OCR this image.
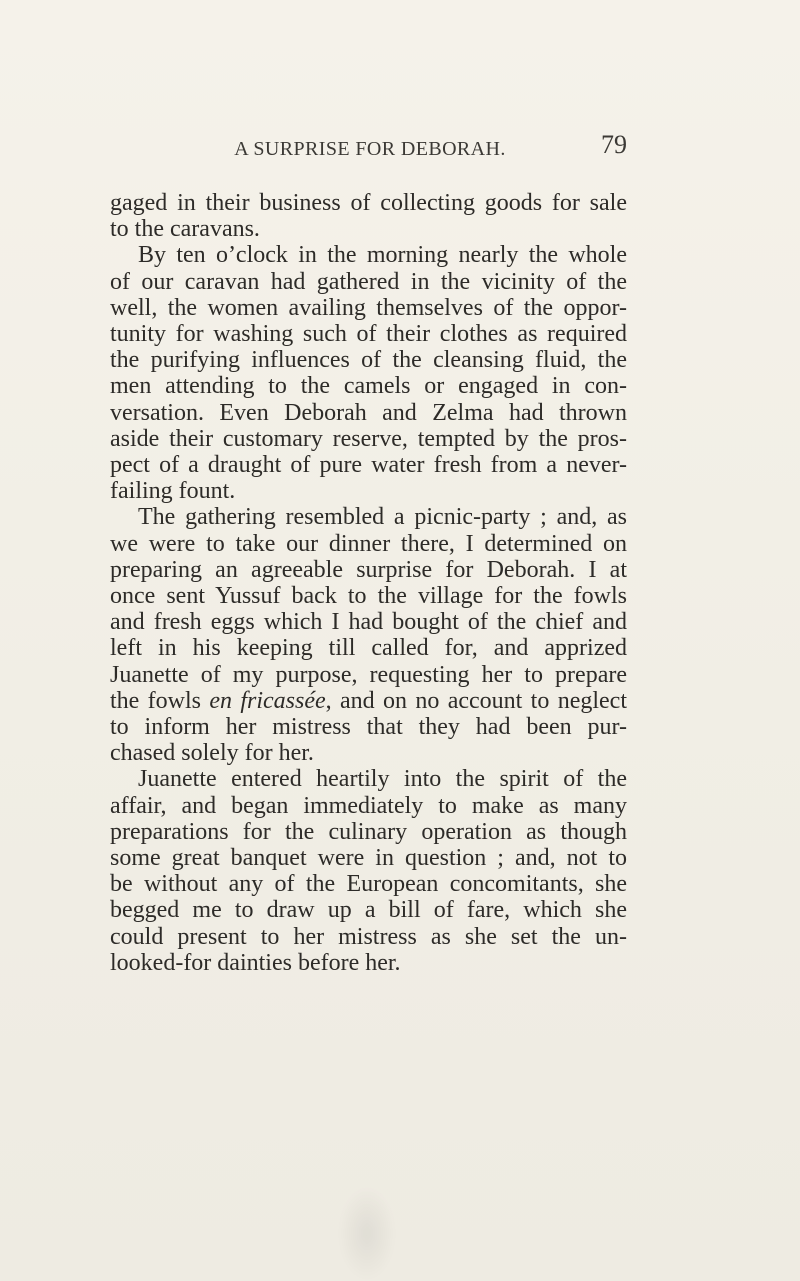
A SURPRISE FOR DEBORAH.	79
gaged in their business of collecting goods for sale
to the caravans.
By ten o’clock in the morning nearly the whole
of our caravan had gathered in the vicinity of the
well, the women availing themselves of the oppor-
tunity for washing such of their clothes as required
the purifying influences of the cleansing fluid, the
men attending to the camels or engaged in con-
versation. Even Deborah and Zelma had thrown
aside their customary reserve, tempted by the pros-
pect of a draught of pure water fresh from a never-
failing fount.
The gathering resembled a picnic-party ; and, as
we were to take our dinner there, I determined on
preparing an agreeable surprise for Deborah. I at
once sent Yussuf back to the village for the fowls
and fresh eggs which I had bought of the chief and
left in his keeping till called for, and apprized
Juanette of my purpose, requesting her to prepare
the fowls en fricassée, and on no account to neglect
to inform her mistress that they had been pur-
chased solely for her.
Juanette entered heartily into the spirit of the
affair, and began immediately to make as many
preparations for the culinary operation as though
some great banquet were in question ; and, not to
be without any of the European concomitants, she
begged me to draw up a bill of fare, which she
could present to her mistress as she set the un-
looked-for dainties before her.
